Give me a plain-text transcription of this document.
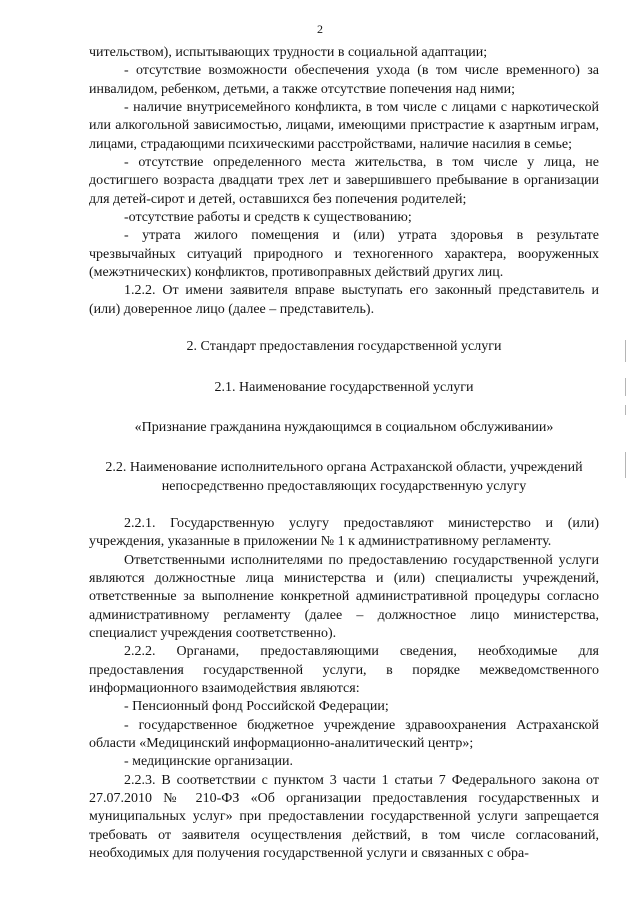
2

чительством), испытывающих трудности в социальной адаптации;

- отсутствие возможности обеспечения ухода (в том числе временного) за инвалидом, ребенком, детьми, а также отсутствие попечения над ними;

- наличие внутрисемейного конфликта, в том числе с лицами с наркотической или алкогольной зависимостью, лицами, имеющими пристрастие к азартным играм, лицами, страдающими психическими расстройствами, наличие насилия в семье;

- отсутствие определенного места жительства, в том числе у лица, не достигшего возраста двадцати трех лет и завершившего пребывание в организации для детей-сирот и детей, оставшихся без попечения родителей;

-отсутствие работы и средств к существованию;

- утрата жилого помещения и (или) утрата здоровья в результате чрезвычайных ситуаций природного и техногенного характера, вооруженных (межэтнических) конфликтов, противоправных действий других лиц.

1.2.2. От имени заявителя вправе выступать его законный представитель и (или) доверенное лицо (далее – представитель).

2. Стандарт предоставления государственной услуги

2.1. Наименование государственной услуги

«Признание гражданина нуждающимся в социальном обслуживании»

2.2. Наименование исполнительного органа Астраханской области, учреждений непосредственно предоставляющих государственную услугу

2.2.1. Государственную услугу предоставляют министерство и (или) учреждения, указанные в приложении № 1 к административному регламенту.

Ответственными исполнителями по предоставлению государственной услуги являются должностные лица министерства и (или) специалисты учреждений, ответственные за выполнение конкретной административной процедуры согласно административному регламенту (далее – должностное лицо министерства, специалист учреждения соответственно).

2.2.2. Органами, предоставляющими сведения, необходимые для предоставления государственной услуги, в порядке межведомственного информационного взаимодействия являются:

- Пенсионный фонд Российской Федерации;

- государственное бюджетное учреждение здравоохранения Астраханской области «Медицинский информационно-аналитический центр»;

- медицинские организации.

2.2.3. В соответствии с пунктом 3 части 1 статьи 7 Федерального закона от 27.07.2010 № 210-ФЗ «Об организации предоставления государственных и муниципальных услуг» при предоставлении государственной услуги запрещается требовать от заявителя осуществления действий, в том числе согласований, необходимых для получения государственной услуги и связанных с обра-
